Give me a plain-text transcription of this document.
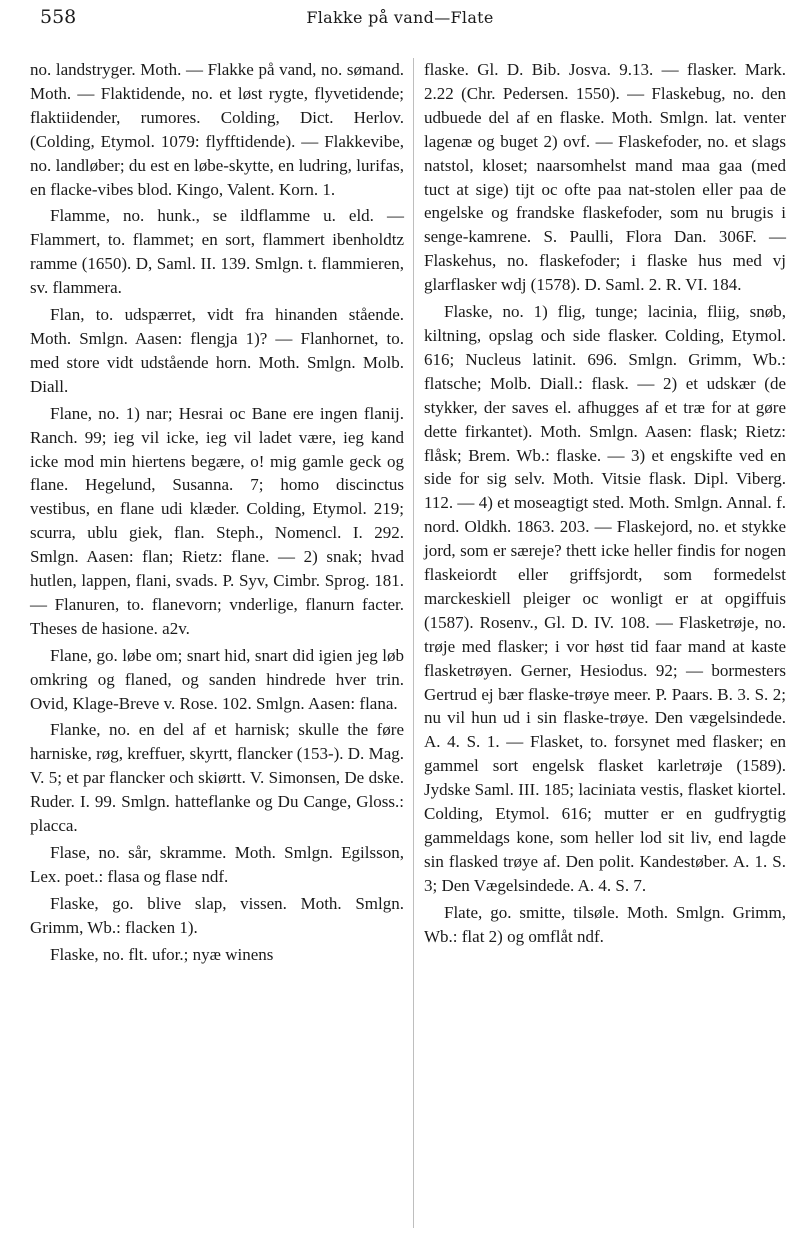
558	Flakke på vand—Flate
no. landstryger. Moth. — Flakke på vand, no. sømand. Moth. — Flaktidende, no. et løst rygte, flyvetidende; flaktiidender, rumores. Colding, Dict. Herlov. (Colding, Etymol. 1079: flyfftidende). — Flakkevibe, no. landløber; du est en løbe-skytte, en ludring, lurifas, en flacke-vibes blod. Kingo, Valent. Korn. 1.
Flamme, no. hunk., se ildflamme u. eld. — Flammert, to. flammet; en sort, flammert ibenholdtz ramme (1650). D, Saml. II. 139. Smlgn. t. flammieren, sv. flammera.
Flan, to. udspærret, vidt fra hinanden stående. Moth. Smlgn. Aasen: flengja 1)? — Flanhornet, to. med store vidt udstående horn. Moth. Smlgn. Molb. Diall.
Flane, no. 1) nar; Hesrai oc Bane ere ingen flanij. Ranch. 99; ieg vil icke, ieg vil ladet være, ieg kand icke mod min hiertens begære, o! mig gamle geck og flane. Hegelund, Susanna. 7; homo discinctus vestibus, en flane udi klæder. Colding, Etymol. 219; scurra, ublu giek, flan. Steph., Nomencl. I. 292. Smlgn. Aasen: flan; Rietz: flane. — 2) snak; hvad hutlen, lappen, flani, svads. P. Syv, Cimbr. Sprog. 181. — Flanuren, to. flanevorn; vnderlige, flanurn facter. Theses de hasione. a2v.
Flane, go. løbe om; snart hid, snart did igien jeg løb omkring og flaned, og sanden hindrede hver trin. Ovid, Klage-Breve v. Rose. 102. Smlgn. Aasen: flana.
Flanke, no. en del af et harnisk; skulle the føre harniske, røg, kreffuer, skyrtt, flancker (153-). D. Mag. V. 5; et par flancker och skiørtt. V. Simonsen, De dske. Ruder. I. 99. Smlgn. hatteflanke og Du Cange, Gloss.: placca.
Flase, no. sår, skramme. Moth. Smlgn. Egilsson, Lex. poet.: flasa og flase ndf.
Flaske, go. blive slap, vissen. Moth. Smlgn. Grimm, Wb.: flacken 1).
Flaske, no. flt. ufor.; nyæ winens
flaske. Gl. D. Bib. Josva. 9.13. — flasker. Mark. 2.22 (Chr. Pedersen. 1550). — Flaskebug, no. den udbuede del af en flaske. Moth. Smlgn. lat. venter lagenæ og buget 2) ovf. — Flaskefoder, no. et slags natstol, kloset; naarsomhelst mand maa gaa (med tuct at sige) tijt oc ofte paa nat-stolen eller paa de engelske og frandske flaskefoder, som nu brugis i senge-kamrene. S. Paulli, Flora Dan. 306F. — Flaskehus, no. flaskefoder; i flaske hus med vj glarflasker wdj (1578). D. Saml. 2. R. VI. 184.
Flaske, no. 1) flig, tunge; lacinia, fliig, snøb, kiltning, opslag och side flasker. Colding, Etymol. 616; Nucleus latinit. 696. Smlgn. Grimm, Wb.: flatsche; Molb. Diall.: flask. — 2) et udskær (de stykker, der saves el. afhugges af et træ for at gøre dette firkantet). Moth. Smlgn. Aasen: flask; Rietz: flåsk; Brem. Wb.: flaske. — 3) et engskifte ved en side for sig selv. Moth. Vitsie flask. Dipl. Viberg. 112. — 4) et moseagtigt sted. Moth. Smlgn. Annal. f. nord. Oldkh. 1863. 203. — Flaskejord, no. et stykke jord, som er særeje? thett icke heller findis for nogen flaskeiordt eller griffsjordt, som formedelst marckeskiell pleiger oc wonligt er at opgiffuis (1587). Rosenv., Gl. D. IV. 108. — Flasketrøje, no. trøje med flasker; i vor høst tid faar mand at kaste flasketrøyen. Gerner, Hesiodus. 92; — bormesters Gertrud ej bær flaske-trøye meer. P. Paars. B. 3. S. 2; nu vil hun ud i sin flaske-trøye. Den vægelsindede. A. 4. S. 1. — Flasket, to. forsynet med flasker; en gammel sort engelsk flasket karletrøje (1589). Jydske Saml. III. 185; laciniata vestis, flasket kiortel. Colding, Etymol. 616; mutter er en gudfrygtig gammeldags kone, som heller lod sit liv, end lagde sin flasked trøye af. Den polit. Kandestøber. A. 1. S. 3; Den Vægelsindede. A. 4. S. 7.
Flate, go. smitte, tilsøle. Moth. Smlgn. Grimm, Wb.: flat 2) og omflåt ndf.
